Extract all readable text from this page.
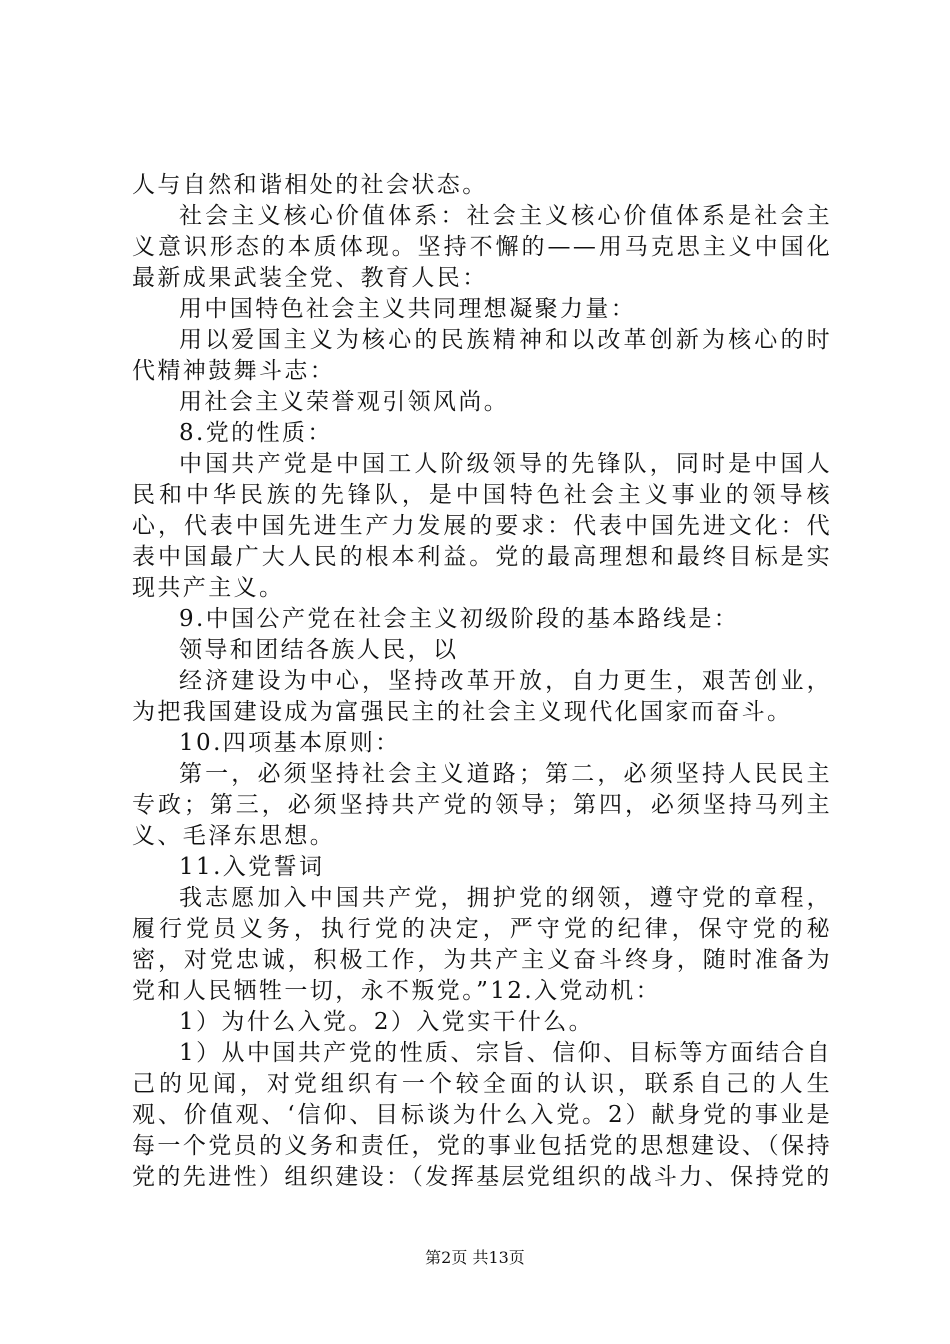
人与自然和谐相处的社会状态。

社会主义核心价值体系：社会主义核心价值体系是社会主义意识形态的本质体现。坚持不懈的——用马克思主义中国化最新成果武装全党、教育人民：

用中国特色社会主义共同理想凝聚力量：

用以爱国主义为核心的民族精神和以改革创新为核心的时代精神鼓舞斗志：

用社会主义荣誉观引领风尚。

8.党的性质：

中国共产党是中国工人阶级领导的先锋队，同时是中国人民和中华民族的先锋队，是中国特色社会主义事业的领导核心，代表中国先进生产力发展的要求：代表中国先进文化：代表中国最广大人民的根本利益。党的最高理想和最终目标是实现共产主义。

9.中国公产党在社会主义初级阶段的基本路线是：

领导和团结各族人民，以

经济建设为中心，坚持改革开放，自力更生，艰苦创业，为把我国建设成为富强民主的社会主义现代化国家而奋斗。

10.四项基本原则：

第一，必须坚持社会主义道路；第二，必须坚持人民民主专政；第三，必须坚持共产党的领导；第四，必须坚持马列主义、毛泽东思想。

11.入党誓词

我志愿加入中国共产党，拥护党的纲领，遵守党的章程，履行党员义务，执行党的决定，严守党的纪律，保守党的秘密，对党忠诚，积极工作，为共产主义奋斗终身，随时准备为党和人民牺牲一切，永不叛党。”12.入党动机：

1）为什么入党。2）入党实干什么。

1）从中国共产党的性质、宗旨、信仰、目标等方面结合自己的见闻，对党组织有一个较全面的认识，联系自己的人生观、价值观、‘信仰、目标谈为什么入党。2）献身党的事业是每一个党员的义务和责任，党的事业包括党的思想建设、（保持党的先进性）组织建设：（发挥基层党组织的战斗力、保持党的

第2页 共13页
